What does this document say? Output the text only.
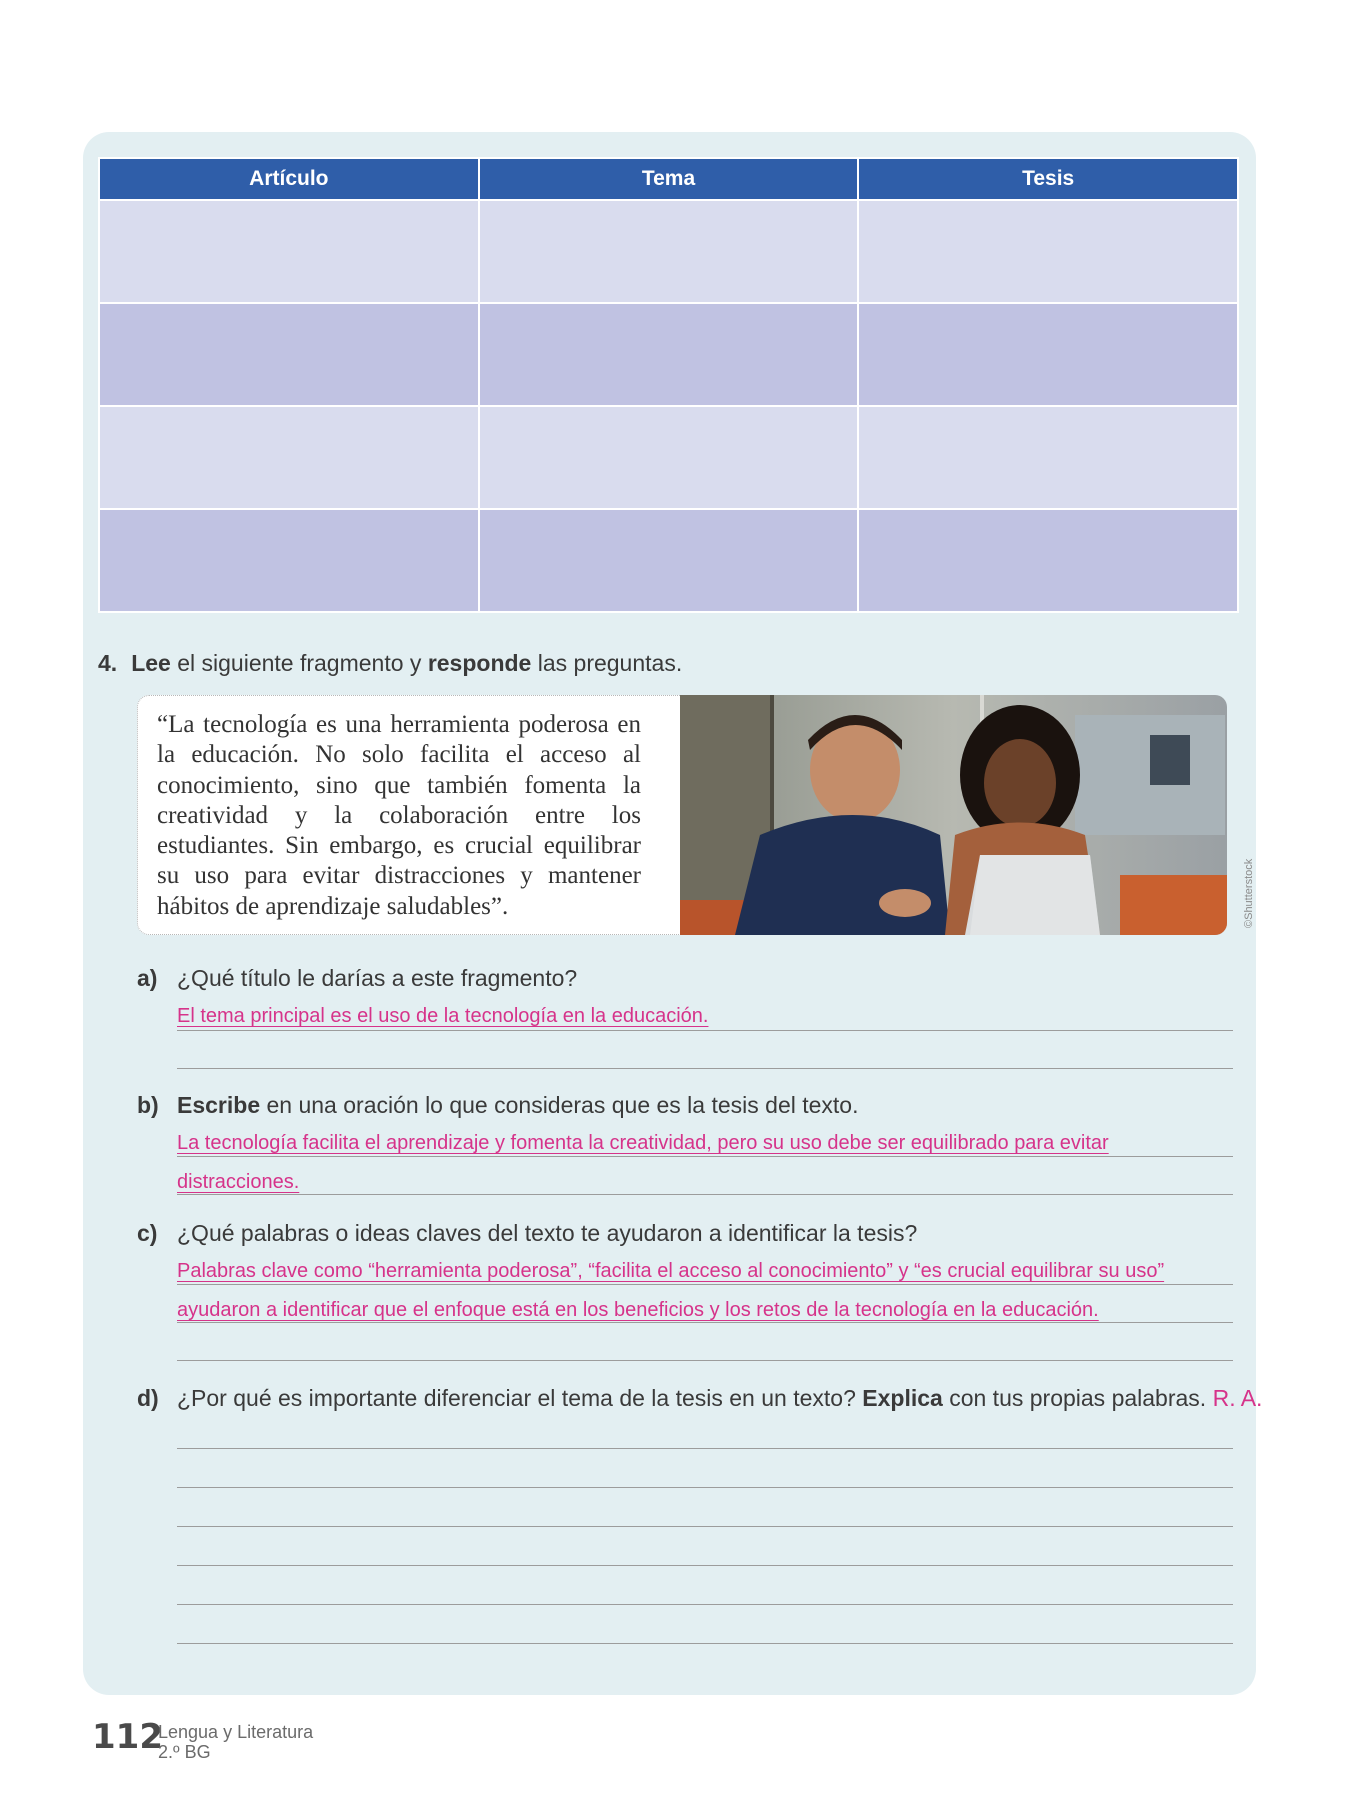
Artículo	Tema	Tesis

4. Lee el siguiente fragmento y responde las preguntas.
“La tecnología es una herramienta poderosa en la educación. No solo facilita el acceso al conocimiento, sino que también fomenta la creatividad y la colaboración entre los estudiantes. Sin embargo, es crucial equilibrar su uso para evitar distracciones y mantener hábitos de aprendizaje saludables”.	©Shutterstock
a) ¿Qué título le darías a este fragmento?
El tema principal es el uso de la tecnología en la educación.
b) Escribe en una oración lo que consideras que es la tesis del texto.
La tecnología facilita el aprendizaje y fomenta la creatividad, pero su uso debe ser equilibrado para evitar
distracciones.
c) ¿Qué palabras o ideas claves del texto te ayudaron a identificar la tesis?
Palabras clave como “herramienta poderosa”, “facilita el acceso al conocimiento” y “es crucial equilibrar su uso”
ayudaron a identificar que el enfoque está en los beneficios y los retos de la tecnología en la educación.
d) ¿Por qué es importante diferenciar el tema de la tesis en un texto? Explica con tus propias palabras. R. A.
112
Lengua y Literatura
2.º BG
